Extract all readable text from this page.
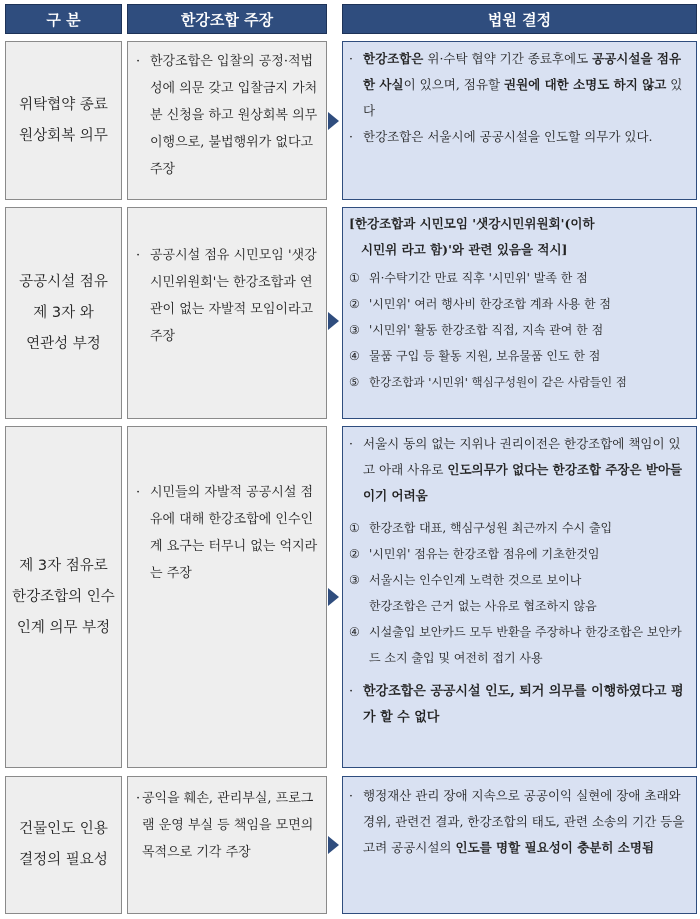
구 분	한강조합 주장	법원 결정
위탁협약 종료
원상회복 의무
· 한강조합은 입찰의 공정·적법성에 의문 갖고 입찰금지 가처분 신청을 하고 원상회복 의무이행으로, 불법행위가 없다고 주장

· 한강조합은 위·수탁 협약 기간 종료후에도 공공시설을 점유한 사실이 있으며, 점유할 권원에 대한 소명도 하지 않고 있다

· 한강조합은 서울시에 공공시설을 인도할 의무가 있다.

공공시설 점유
제 3자 와
연관성 부정
· 공공시설 점유 시민모임 '샛강시민위원회'는 한강조합과 연관이 없는 자발적 모임이라고 주장

[한강조합과 시민모임 '샛강시민위원회'(이하

시민위 라고 함)'와 관련 있음을 적시]

① 위·수탁기간 만료 직후 '시민위' 발족 한 점

② '시민위' 여러 행사비 한강조합 계좌 사용 한 점

③ '시민위' 활동 한강조합 직접, 지속 관여 한 점

④ 물품 구입 등 활동 지원, 보유물품 인도 한 점

⑤ 한강조합과 '시민위' 핵심구성원이 같은 사람들인 점

제 3자 점유로
한강조합의 인수
인계 의무 부정
· 시민들의 자발적 공공시설 점유에 대해 한강조합에 인수인계 요구는 터무니 없는 억지라는 주장

· 서울시 동의 없는 지위나 권리이전은 한강조합에 책임이 있고 아래 사유로 인도의무가 없다는 한강조합 주장은 받아들이기 어려움

① 한강조합 대표, 핵심구성원 최근까지 수시 출입

② '시민위' 점유는 한강조합 점유에 기초한것임

③ 서울시는 인수인계 노력한 것으로 보이나

한강조합은 근거 없는 사유로 협조하지 않음

④ 시설출입 보안카드 모두 반환을 주장하나 한강조합은 보안카드 소지 출입 및 여전히 접기 사용

· 한강조합은 공공시설 인도, 퇴거 의무를 이행하였다고 평가 할 수 없다

건물인도 인용
결정의 필요성
· 공익을 훼손, 관리부실, 프로그램 운영 부실 등 책임을 모면의 목적으로 기각 주장

· 행정재산 관리 장애 지속으로 공공이익 실현에 장애 초래와 경위, 관련건 결과, 한강조합의 태도, 관련 소송의 기간 등을 고려 공공시설의 인도를 명할 필요성이 충분히 소명됨
